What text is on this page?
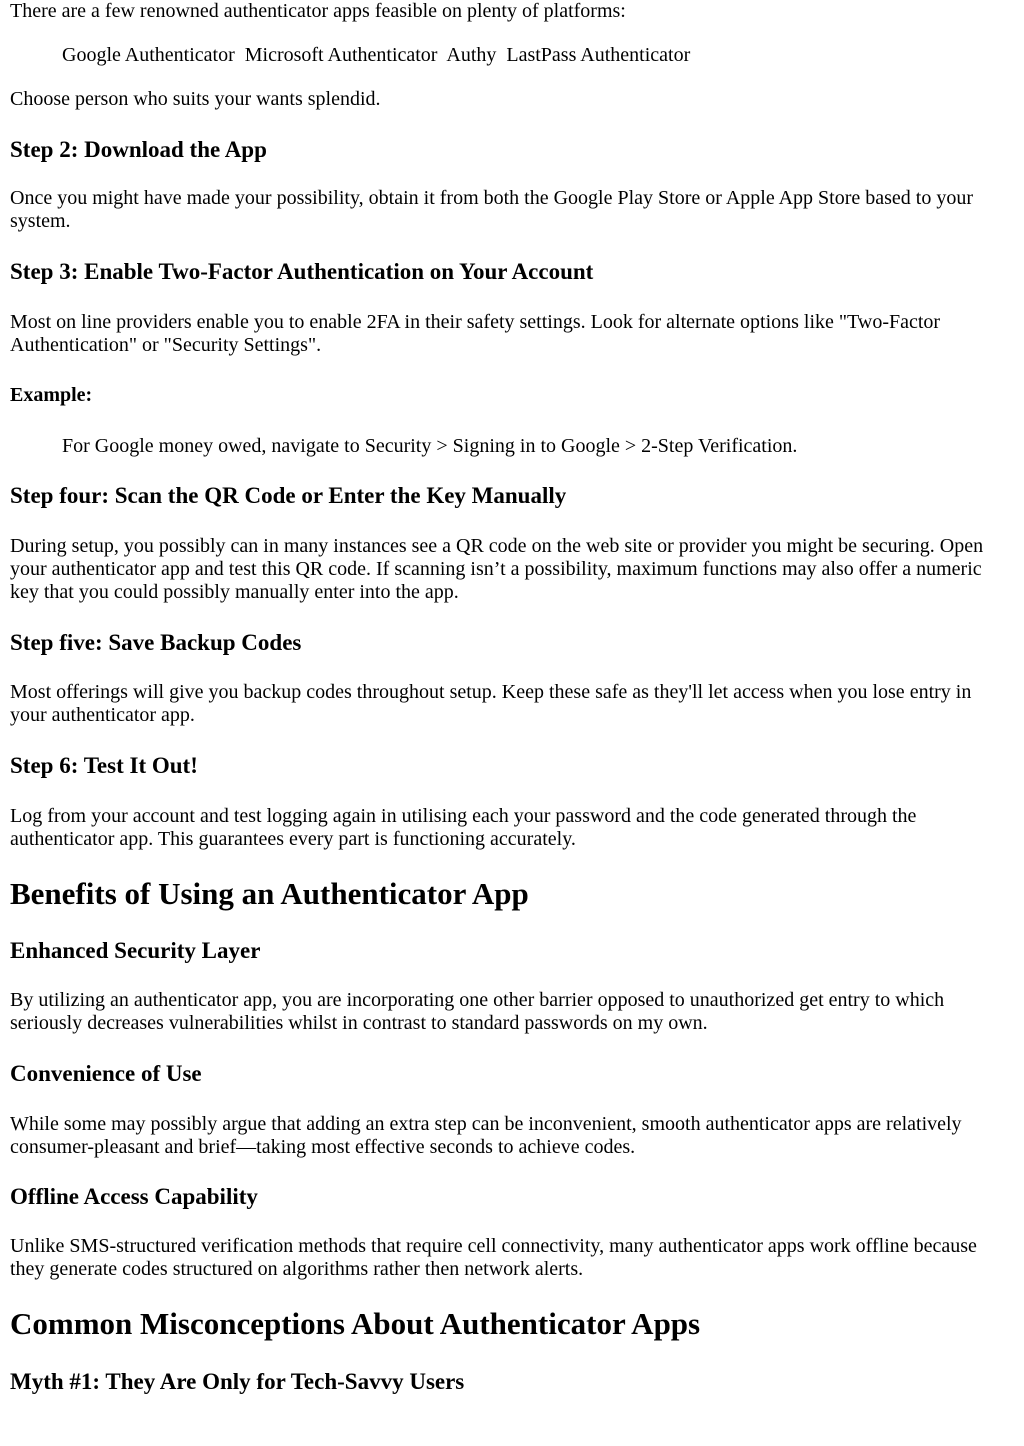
There are a few renowned authenticator apps feasible on plenty of platforms:

Google Authenticator Microsoft Authenticator Authy LastPass Authenticator

Choose person who suits your wants splendid.

Step 2: Download the App

Once you might have made your possibility, obtain it from both the Google Play Store or Apple App Store based to your system.

Step 3: Enable Two-Factor Authentication on Your Account

Most on line providers enable you to enable 2FA in their safety settings. Look for alternate options like "Two-Factor Authentication" or "Security Settings".

Example:

For Google money owed, navigate to Security > Signing in to Google > 2-Step Verification.

Step four: Scan the QR Code or Enter the Key Manually

During setup, you possibly can in many instances see a QR code on the web site or provider you might be securing. Open your authenticator app and test this QR code. If scanning isn’t a possibility, maximum functions may also offer a numeric key that you could possibly manually enter into the app.

Step five: Save Backup Codes

Most offerings will give you backup codes throughout setup. Keep these safe as they'll let access when you lose entry in your authenticator app.

Step 6: Test It Out!

Log from your account and test logging again in utilising each your password and the code generated through the authenticator app. This guarantees every part is functioning accurately.

Benefits of Using an Authenticator App
Enhanced Security Layer

By utilizing an authenticator app, you are incorporating one other barrier opposed to unauthorized get entry to which seriously decreases vulnerabilities whilst in contrast to standard passwords on my own.

Convenience of Use

While some may possibly argue that adding an extra step can be inconvenient, smooth authenticator apps are relatively consumer-pleasant and brief—taking most effective seconds to achieve codes.

Offline Access Capability

Unlike SMS-structured verification methods that require cell connectivity, many authenticator apps work offline because they generate codes structured on algorithms rather then network alerts.

Common Misconceptions About Authenticator Apps
Myth #1: They Are Only for Tech-Savvy Users
